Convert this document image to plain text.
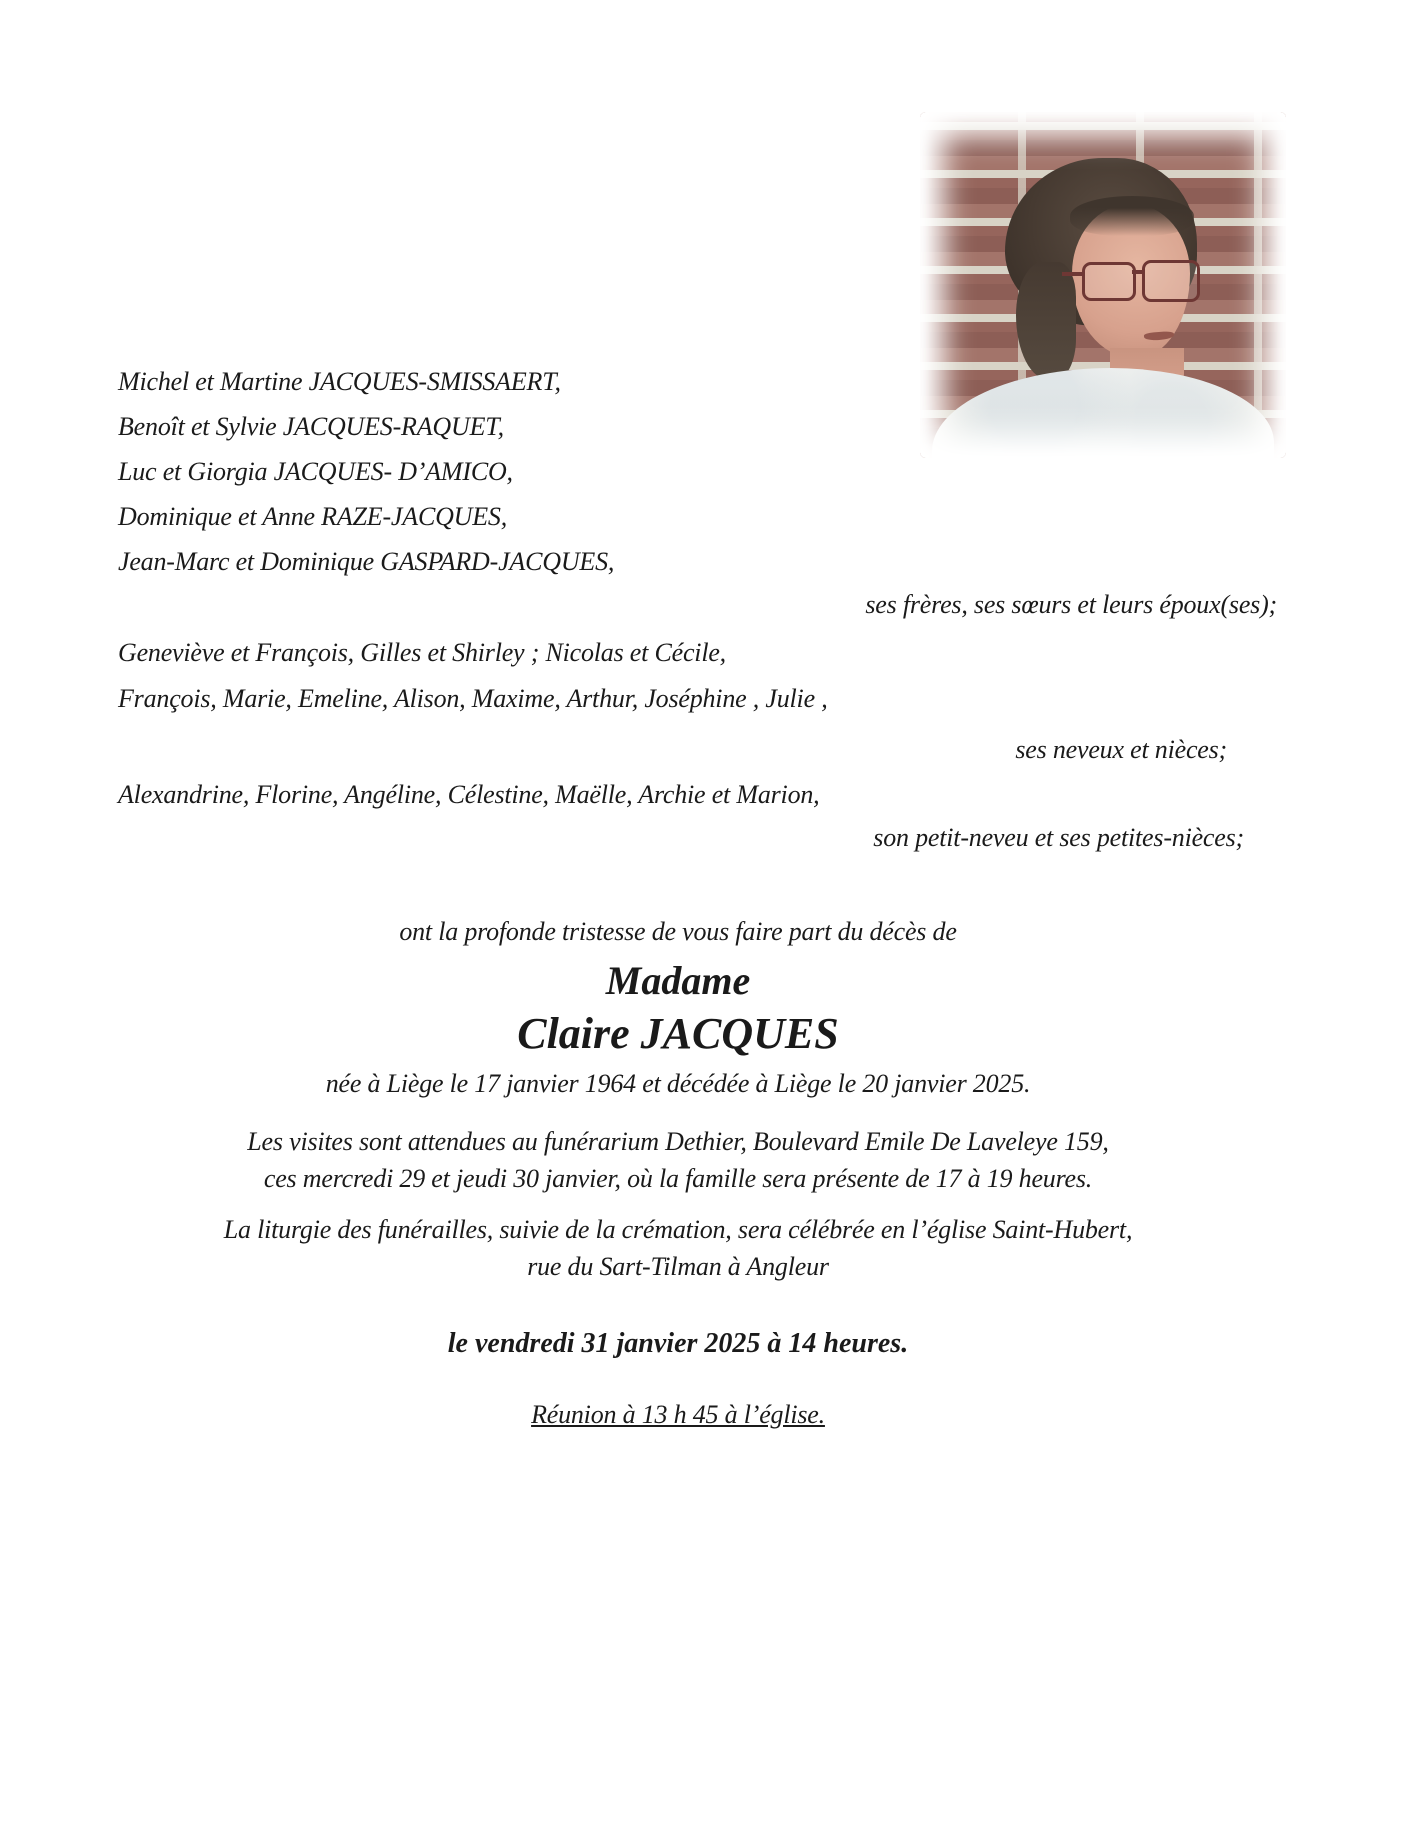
Michel et Martine JACQUES-SMISSAERT,
Benoît et Sylvie JACQUES-RAQUET,
Luc et Giorgia JACQUES- D’AMICO,
Dominique et Anne RAZE-JACQUES,
Jean-Marc et Dominique GASPARD-JACQUES,
ses frères, ses sœurs et leurs époux(ses);
Geneviève et François, Gilles et Shirley ; Nicolas et Cécile,
François, Marie, Emeline, Alison, Maxime, Arthur, Joséphine , Julie ,
ses neveux et nièces;
Alexandrine, Florine, Angéline, Célestine, Maëlle, Archie et Marion,
son petit-neveu et ses petites-nièces;
ont la profonde tristesse de vous faire part du décès de
Madame
Claire JACQUES
née à Liège le 17 janvier 1964 et décédée à Liège le 20 janvier 2025.
Les visites sont attendues au funérarium Dethier, Boulevard Emile De Laveleye 159,
ces mercredi 29 et jeudi 30 janvier, où la famille sera présente de 17 à 19 heures.
La liturgie des funérailles, suivie de la crémation, sera célébrée en l’église Saint-Hubert,
rue du Sart-Tilman à Angleur
le vendredi 31 janvier 2025 à 14 heures.
Réunion à 13 h 45 à l’église.
